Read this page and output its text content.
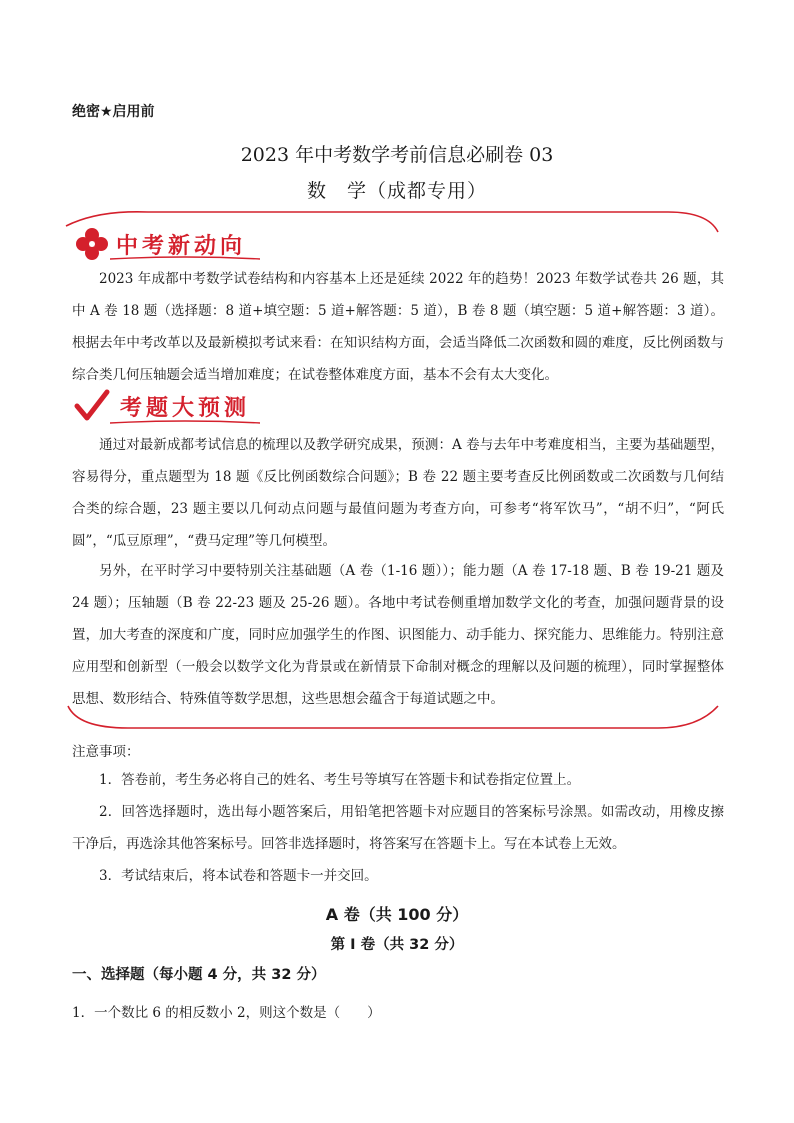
绝密★启用前
2023 年中考数学考前信息必刷卷 03
数　学（成都专用）
中考新动向

2023 年成都中考数学试卷结构和内容基本上还是延续 2022 年的趋势！2023 年数学试卷共 26 题，其中 A 卷 18 题（选择题：8 道+填空题：5 道+解答题：5 道），B 卷 8 题（填空题：5 道+解答题：3 道）。根据去年中考改革以及最新模拟考试来看：在知识结构方面，会适当降低二次函数和圆的难度，反比例函数与综合类几何压轴题会适当增加难度；在试卷整体难度方面，基本不会有太大变化。

考题大预测

通过对最新成都考试信息的梳理以及教学研究成果，预测：A 卷与去年中考难度相当，主要为基础题型，容易得分，重点题型为 18 题《反比例函数综合问题》；B 卷 22 题主要考查反比例函数或二次函数与几何结合类的综合题，23 题主要以几何动点问题与最值问题为考查方向，可参考“将军饮马”，“胡不归”，“阿氏圆”，“瓜豆原理”，“费马定理”等几何模型。

另外，在平时学习中要特别关注基础题（A 卷（1-16 题））；能力题（A 卷 17-18 题、B 卷 19-21 题及 24 题）；压轴题（B 卷 22-23 题及 25-26 题）。各地中考试卷侧重增加数学文化的考查，加强问题背景的设置，加大考查的深度和广度，同时应加强学生的作图、识图能力、动手能力、探究能力、思维能力。特别注意应用型和创新型（一般会以数学文化为背景或在新情景下命制对概念的理解以及问题的梳理），同时掌握整体思想、数形结合、特殊值等数学思想，这些思想会蕴含于每道试题之中。

注意事项：

1．答卷前，考生务必将自己的姓名、考生号等填写在答题卡和试卷指定位置上。

2．回答选择题时，选出每小题答案后，用铅笔把答题卡对应题目的答案标号涂黑。如需改动，用橡皮擦干净后，再选涂其他答案标号。回答非选择题时，将答案写在答题卡上。写在本试卷上无效。

3．考试结束后，将本试卷和答题卡一并交回。

A 卷（共 100 分）
第 I 卷（共 32 分）
一、选择题（每小题 4 分，共 32 分）
1．一个数比 6 的相反数小 2，则这个数是（　　）
